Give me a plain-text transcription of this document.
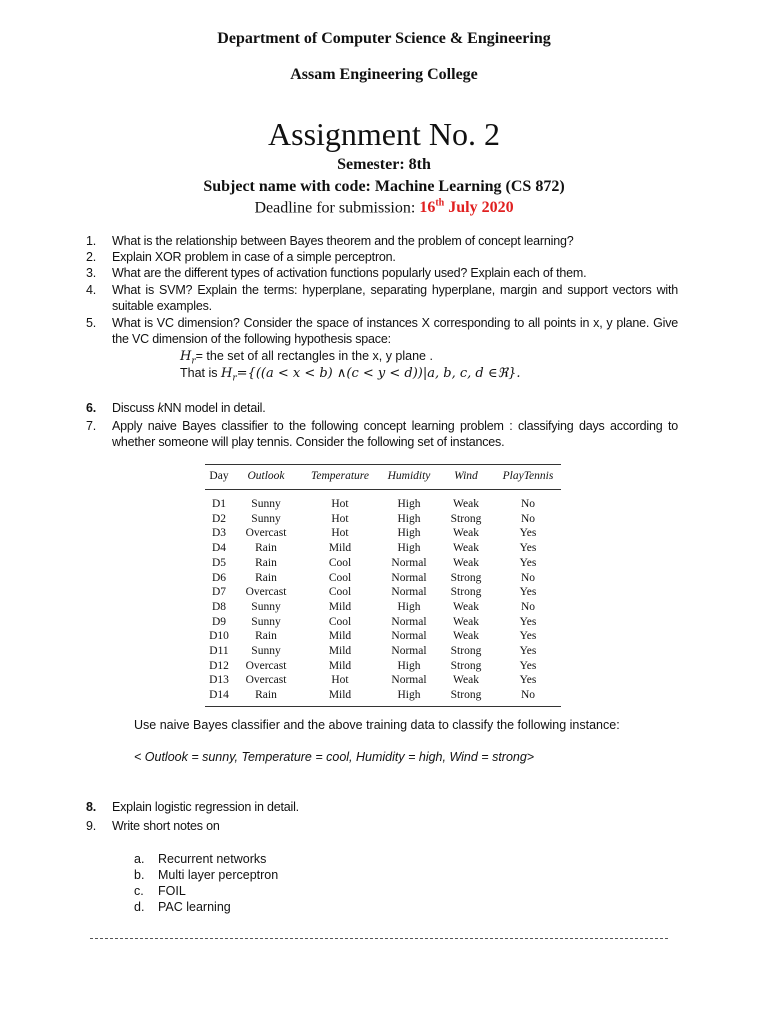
Department of Computer Science & Engineering
Assam Engineering College
Assignment No. 2
Semester: 8th
Subject name with code: Machine Learning (CS 872)
Deadline for submission: 16th July 2020
1.	What is the relationship between Bayes theorem and the problem of concept learning?
2.	Explain XOR problem in case of a simple perceptron.
3.	What are the different types of activation functions popularly used? Explain each of them.
4.	What is SVM? Explain the terms: hyperplane, separating hyperplane, margin and support vectors with suitable examples.
5.	What is VC dimension? Consider the space of instances X corresponding to all points in x, y plane. Give the VC dimension of the following hypothesis space:
$H_r=$ the set of all rectangles in the x, y plane .
That is $H_r=\{((a < x < b)$ ∧(c < y < d))|a, b, c, d ∈ℜ}.
6.	Discuss kNN model in detail.
7.	Apply naive Bayes classifier to the following concept learning problem : classifying days according to whether someone will play tennis. Consider the following set of instances.
Day	Outlook	Temperature	Humidity	Wind	PlayTennis
D1	Sunny	Hot	High	Weak	No
D2	Sunny	Hot	High	Strong	No
D3	Overcast	Hot	High	Weak	Yes
D4	Rain	Mild	High	Weak	Yes
D5	Rain	Cool	Normal	Weak	Yes
D6	Rain	Cool	Normal	Strong	No
D7	Overcast	Cool	Normal	Strong	Yes
D8	Sunny	Mild	High	Weak	No
D9	Sunny	Cool	Normal	Weak	Yes
D10	Rain	Mild	Normal	Weak	Yes
D11	Sunny	Mild	Normal	Strong	Yes
D12	Overcast	Mild	High	Strong	Yes
D13	Overcast	Hot	Normal	Weak	Yes
D14	Rain	Mild	High	Strong	No
Use naive Bayes classifier and the above training data to classify the following instance:
< Outlook = sunny, Temperature = cool, Humidity = high, Wind = strong>
8.	Explain logistic regression in detail.
9.	Write short notes on
a. Recurrent networks
b. Multi layer perceptron
c. FOIL
d. PAC learning
